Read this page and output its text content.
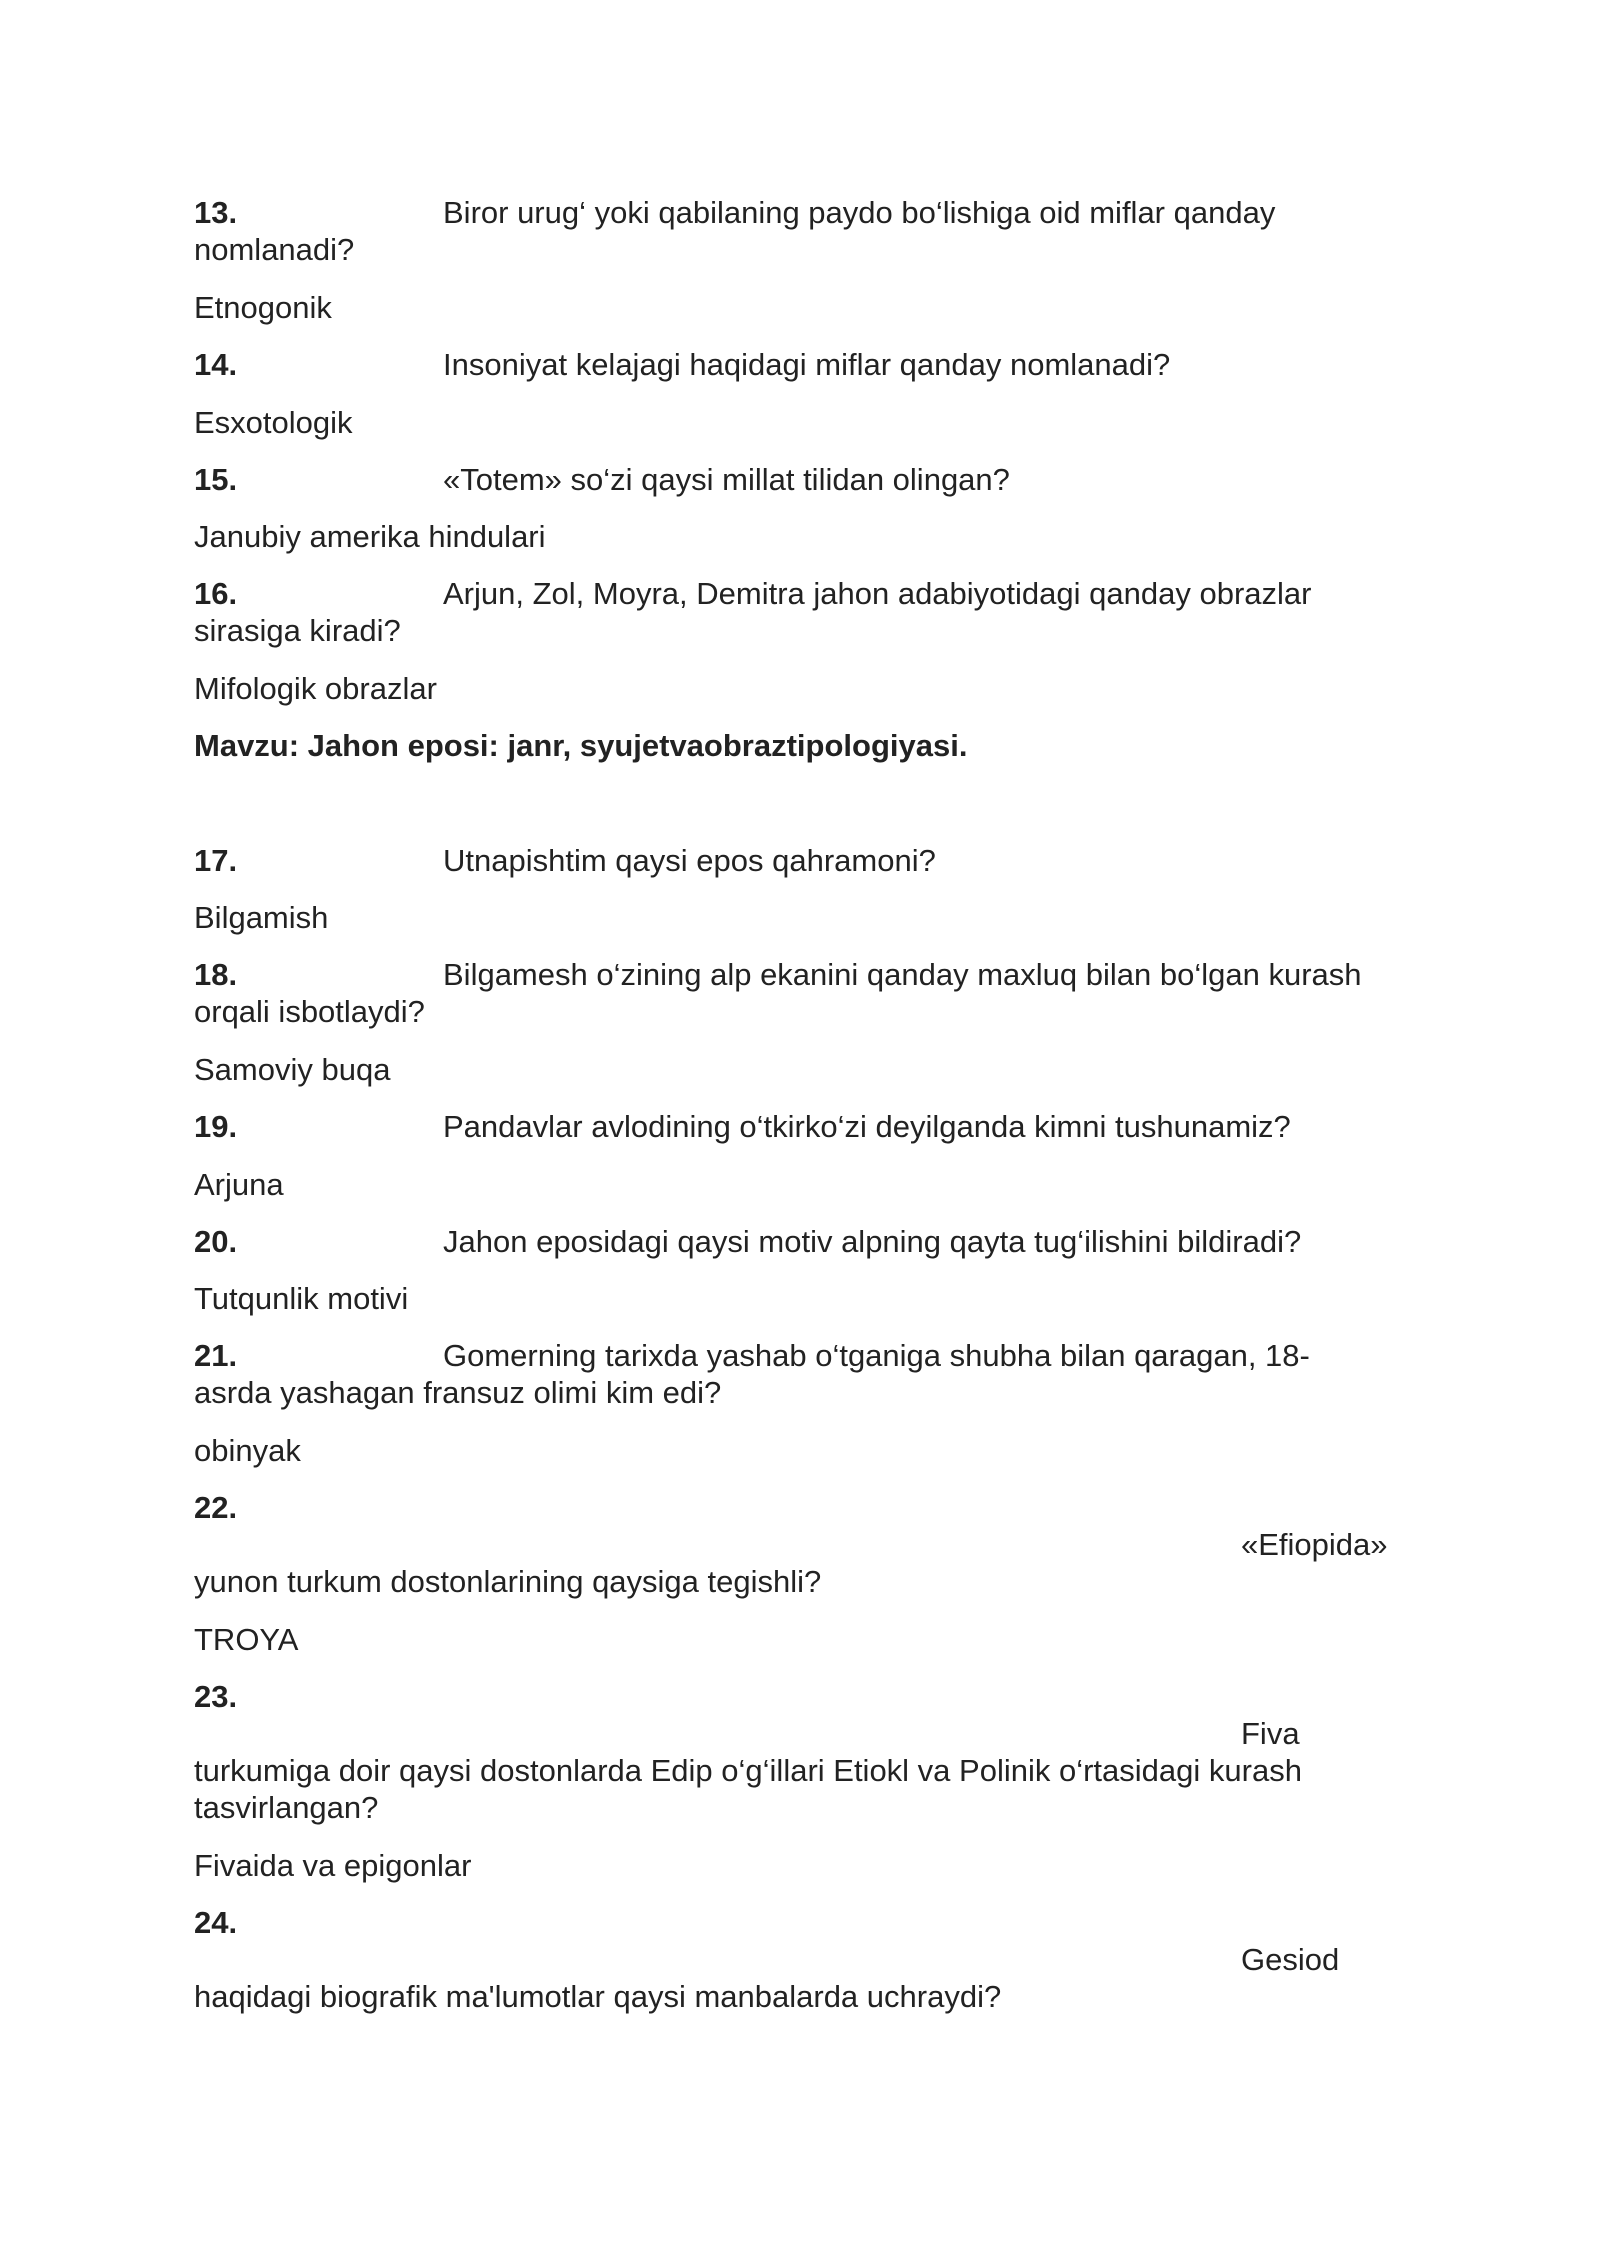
13.	Biror urug‘ yoki qabilaning paydo bo‘lishiga oid miflar qanday
nomlanadi?
Etnogonik
14.	Insoniyat kelajagi haqidagi miflar qanday nomlanadi?
Esxotologik
15.	«Totem» so‘zi qaysi millat tilidan olingan?
Janubiy amerika hindulari
16.	Arjun, Zol, Moyra, Demitra jahon adabiyotidagi qanday obrazlar
sirasiga kiradi?
Mifologik obrazlar
Mavzu: Jahon eposi: janr, syujetvaobraztipologiyasi.
17.	Utnapishtim qaysi epos qahramoni?
Bilgamish
18.	Bilgamesh o‘zining alp ekanini qanday maxluq bilan bo‘lgan kurash
orqali isbotlaydi?
Samoviy buqa
19.	Pandavlar avlodining o‘tkirko‘zi deyilganda kimni tushunamiz?
Arjuna
20.	Jahon eposidagi qaysi motiv alpning qayta tug‘ilishini bildiradi?
Tutqunlik motivi
21.	Gomerning tarixda yashab o‘tganiga shubha bilan qaragan, 18-
asrda yashagan fransuz olimi kim edi?
obinyak
22.
«Efiopida»
yunon turkum dostonlarining qaysiga tegishli?
TROYA
23.
Fiva
turkumiga doir qaysi dostonlarda Edip o‘g‘illari Etiokl va Polinik o‘rtasidagi kurash
tasvirlangan?
Fivaida va epigonlar
24.
Gesiod
haqidagi biografik ma'lumotlar qaysi manbalarda uchraydi?
